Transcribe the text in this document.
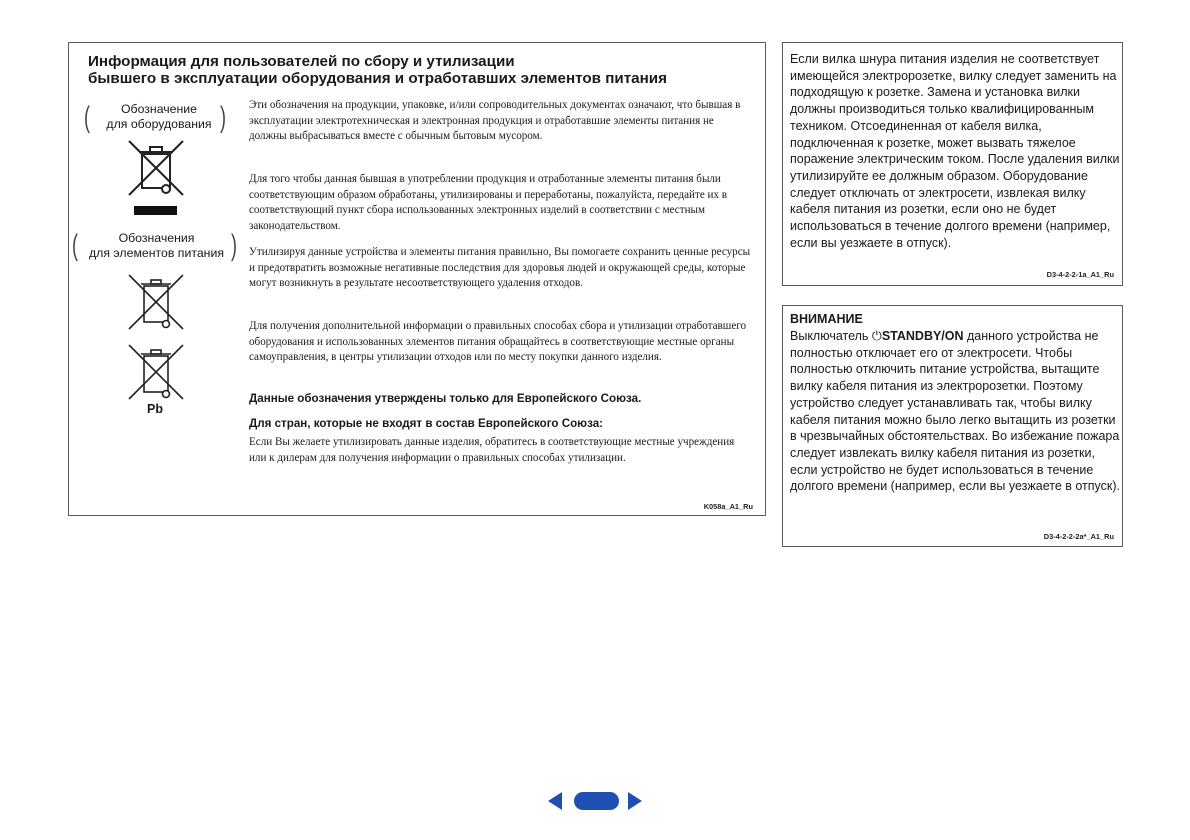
Информация для пользователей по сбору и утилизации
бывшего в эксплуатации оборудования и отработавших элементов питания
(	Обозначение
для оборудования )
(	Обозначения
для элементов питания )
Pb

Эти обозначения на продукции, упаковке, и/или сопроводительных документах означают, что бывшая в эксплуатации электротехническая и электронная продукция и отработавшие элементы питания не должны выбрасываться вместе с обычным бытовым мусором.

Для того чтобы данная бывшая в употреблении продукция и отработанные элементы питания были соответствующим образом обработаны, утилизированы и переработаны, пожалуйста, передайте их в соответствующий пункт сбора использованных электронных изделий в соответствии с местным законодательством.

Утилизируя данные устройства и элементы питания правильно, Вы помогаете сохранить ценные ресурсы и предотвратить возможные негативные последствия для здоровья людей и окружающей среды, которые могут возникнуть в результате несоответствующего удаления отходов.

Для получения дополнительной информации о правильных способах сбора и утилизации отработавшего оборудования и использованных элементов питания обращайтесь в соответствующие местные органы самоуправления, в центры утилизации отходов или по месту покупки данного изделия.

Данные обозначения утверждены только для Европейского Союза.
Для стран, которые не входят в состав Европейского Союза:

Если Вы желаете утилизировать данные изделия, обратитесь в соответствующие местные учреждения или к дилерам для получения информации о правильных способах утилизации.

K058a_A1_Ru

Если вилка шнура питания изделия не соответствует имеющейся электророзетке, вилку следует заменить на подходящую к розетке. Замена и установка вилки должны производиться только квалифицированным техником. Отсоединенная от кабеля вилка, подключенная к розетке, может вызвать тяжелое поражение электрическим током. После удаления вилки утилизируйте ее должным образом. Оборудование следует отключать от электросети, извлекая вилку кабеля питания из розетки, если оно не будет использоваться в течение долгого времени (например, если вы уезжаете в отпуск).

D3-4-2-2-1a_A1_Ru
ВНИМАНИЕ

Выключатель ⏻STANDBY/ON данного устройства не полностью отключает его от электросети. Чтобы полностью отключить питание устройства, вытащите вилку кабеля питания из электророзетки. Поэтому устройство следует устанавливать так, чтобы вилку кабеля питания можно было легко вытащить из розетки в чрезвычайных обстоятельствах. Во избежание пожара следует извлекать вилку кабеля питания из розетки, если устройство не будет использоваться в течение долгого времени (например, если вы уезжаете в отпуск).

D3-4-2-2-2a*_A1_Ru
